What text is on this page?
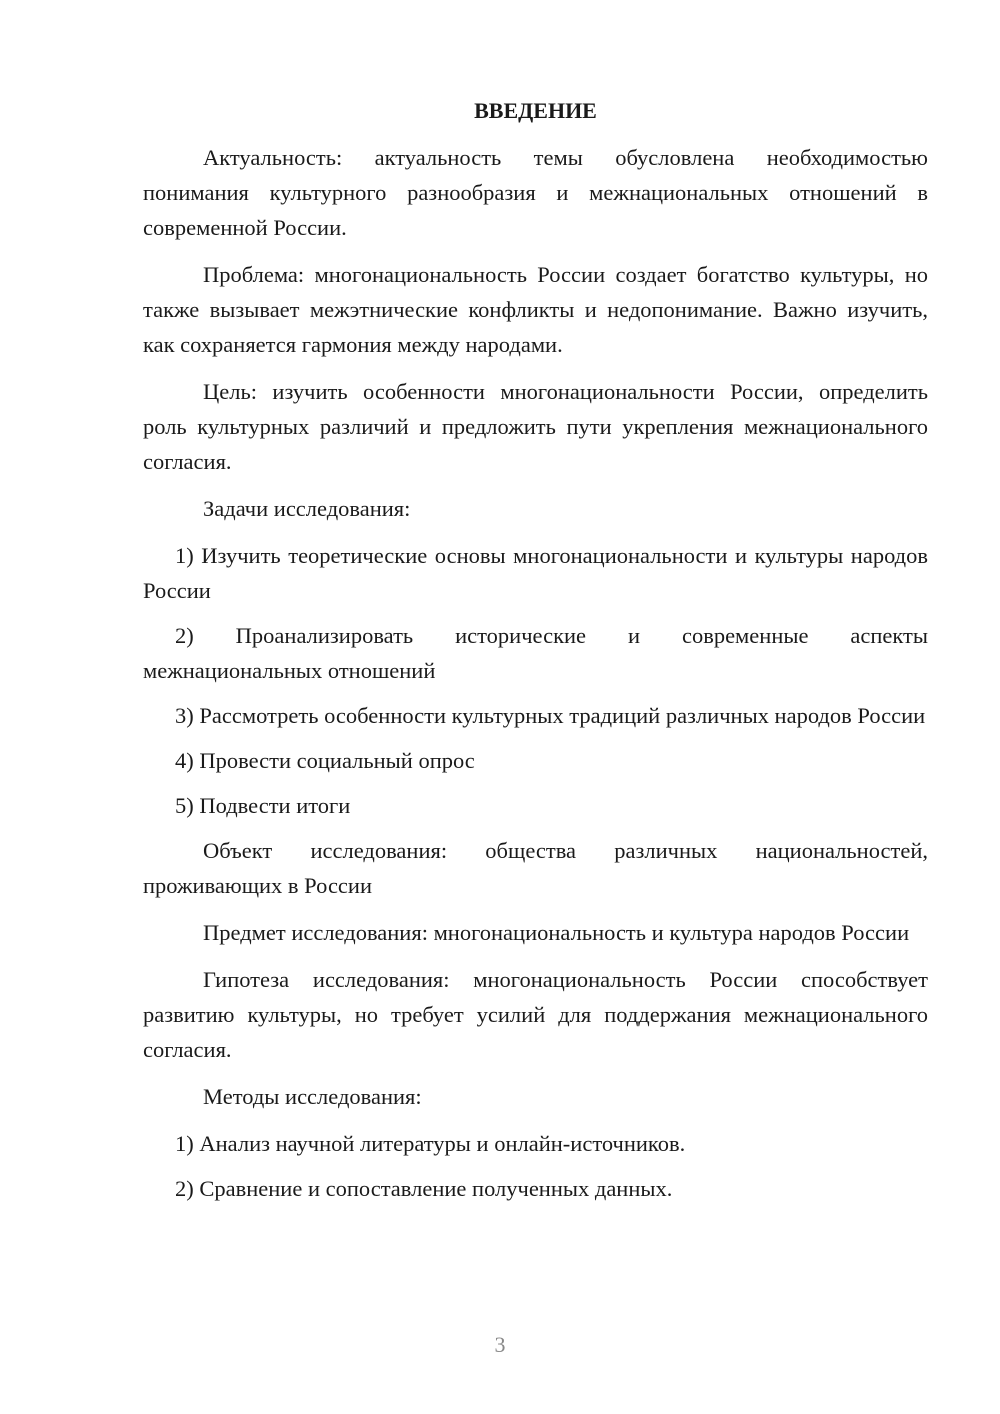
ВВЕДЕНИЕ

Актуальность: актуальность темы обусловлена необходимостью понимания культурного разнообразия и межнациональных отношений в современной России.

Проблема: многонациональность России создает богатство культуры, но также вызывает межэтнические конфликты и недопонимание. Важно изучить, как сохраняется гармония между народами.

Цель: изучить особенности многонациональности России, определить роль культурных различий и предложить пути укрепления межнационального согласия.

Задачи исследования:

1) Изучить теоретические основы многонациональности и культуры народов России

2) Проанализировать исторические и современные аспекты межнациональных отношений

3) Рассмотреть особенности культурных традиций различных народов России

4) Провести социальный опрос

5) Подвести итоги

Объект исследования: общества различных национальностей, проживающих в России

Предмет исследования: многонациональность и культура народов России

Гипотеза исследования: многонациональность России способствует развитию культуры, но требует усилий для поддержания межнационального согласия.

Методы исследования:

1) Анализ научной литературы и онлайн-источников.

2) Сравнение и сопоставление полученных данных.

3
